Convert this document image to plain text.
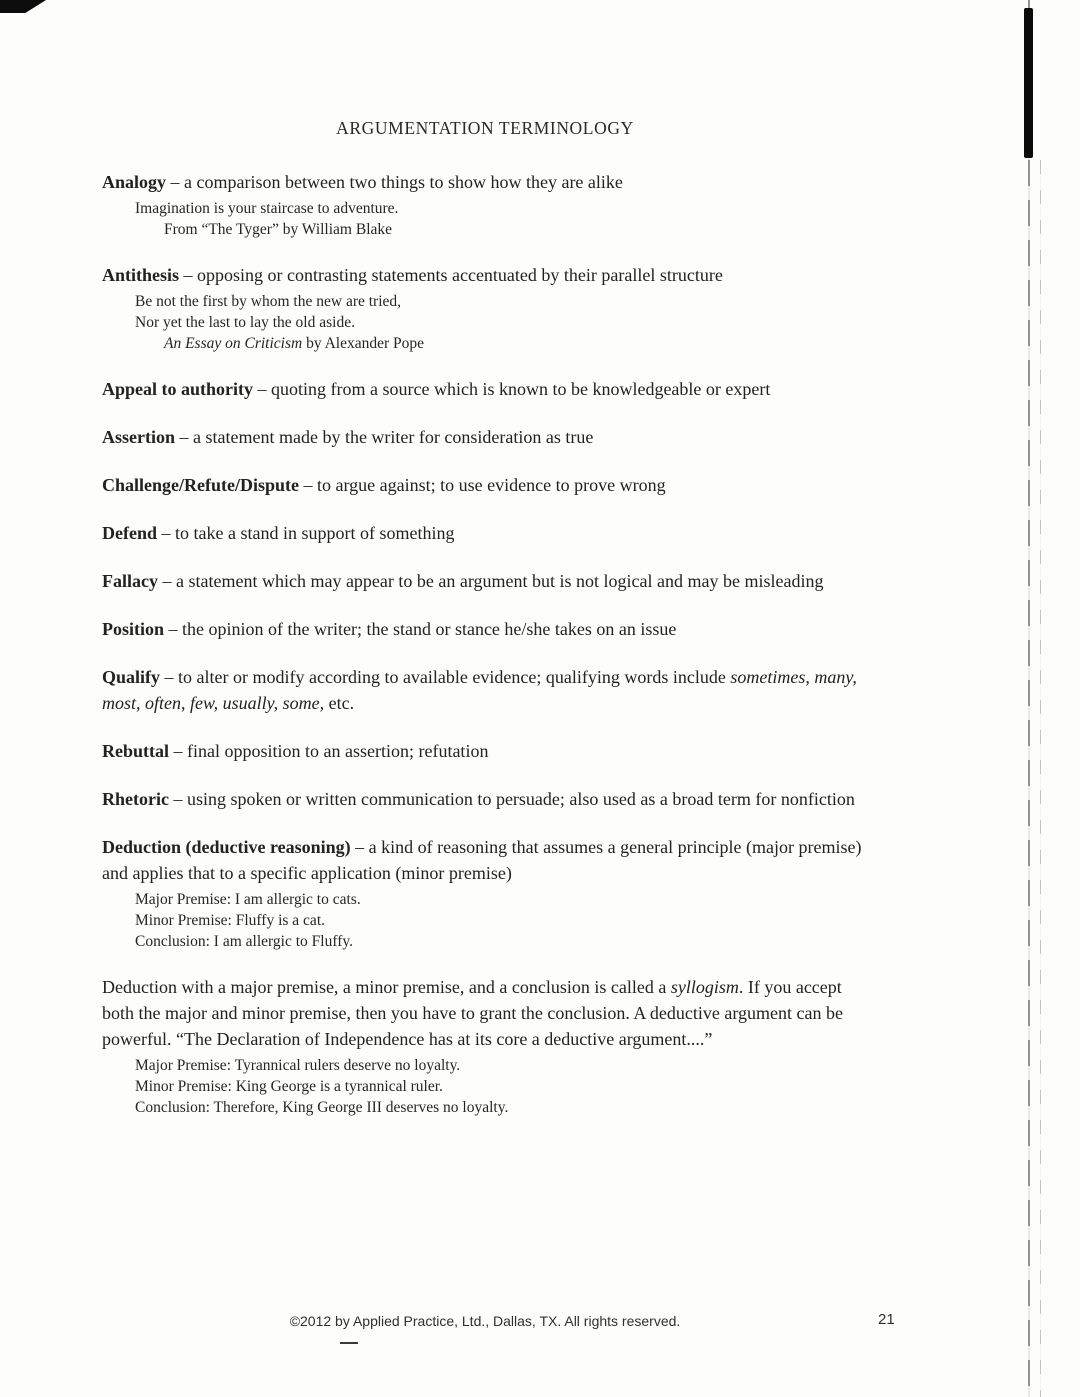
ARGUMENTATION TERMINOLOGY
Analogy – a comparison between two things to show how they are alike
Imagination is your staircase to adventure.
From “The Tyger” by William Blake
Antithesis – opposing or contrasting statements accentuated by their parallel structure
Be not the first by whom the new are tried,
Nor yet the last to lay the old aside.
An Essay on Criticism by Alexander Pope
Appeal to authority – quoting from a source which is known to be knowledgeable or expert
Assertion – a statement made by the writer for consideration as true
Challenge/Refute/Dispute – to argue against; to use evidence to prove wrong
Defend – to take a stand in support of something
Fallacy – a statement which may appear to be an argument but is not logical and may be misleading
Position – the opinion of the writer; the stand or stance he/she takes on an issue
Qualify – to alter or modify according to available evidence; qualifying words include sometimes, many, most, often, few, usually, some, etc.
Rebuttal – final opposition to an assertion; refutation
Rhetoric – using spoken or written communication to persuade; also used as a broad term for nonfiction
Deduction (deductive reasoning) – a kind of reasoning that assumes a general principle (major premise) and applies that to a specific application (minor premise)
Major Premise: I am allergic to cats.
Minor Premise: Fluffy is a cat.
Conclusion: I am allergic to Fluffy.
Deduction with a major premise, a minor premise, and a conclusion is called a syllogism. If you accept both the major and minor premise, then you have to grant the conclusion. A deductive argument can be powerful. “The Declaration of Independence has at its core a deductive argument....”
Major Premise: Tyrannical rulers deserve no loyalty.
Minor Premise: King George is a tyrannical ruler.
Conclusion: Therefore, King George III deserves no loyalty.
©2012 by Applied Practice, Ltd., Dallas, TX. All rights reserved.	21
